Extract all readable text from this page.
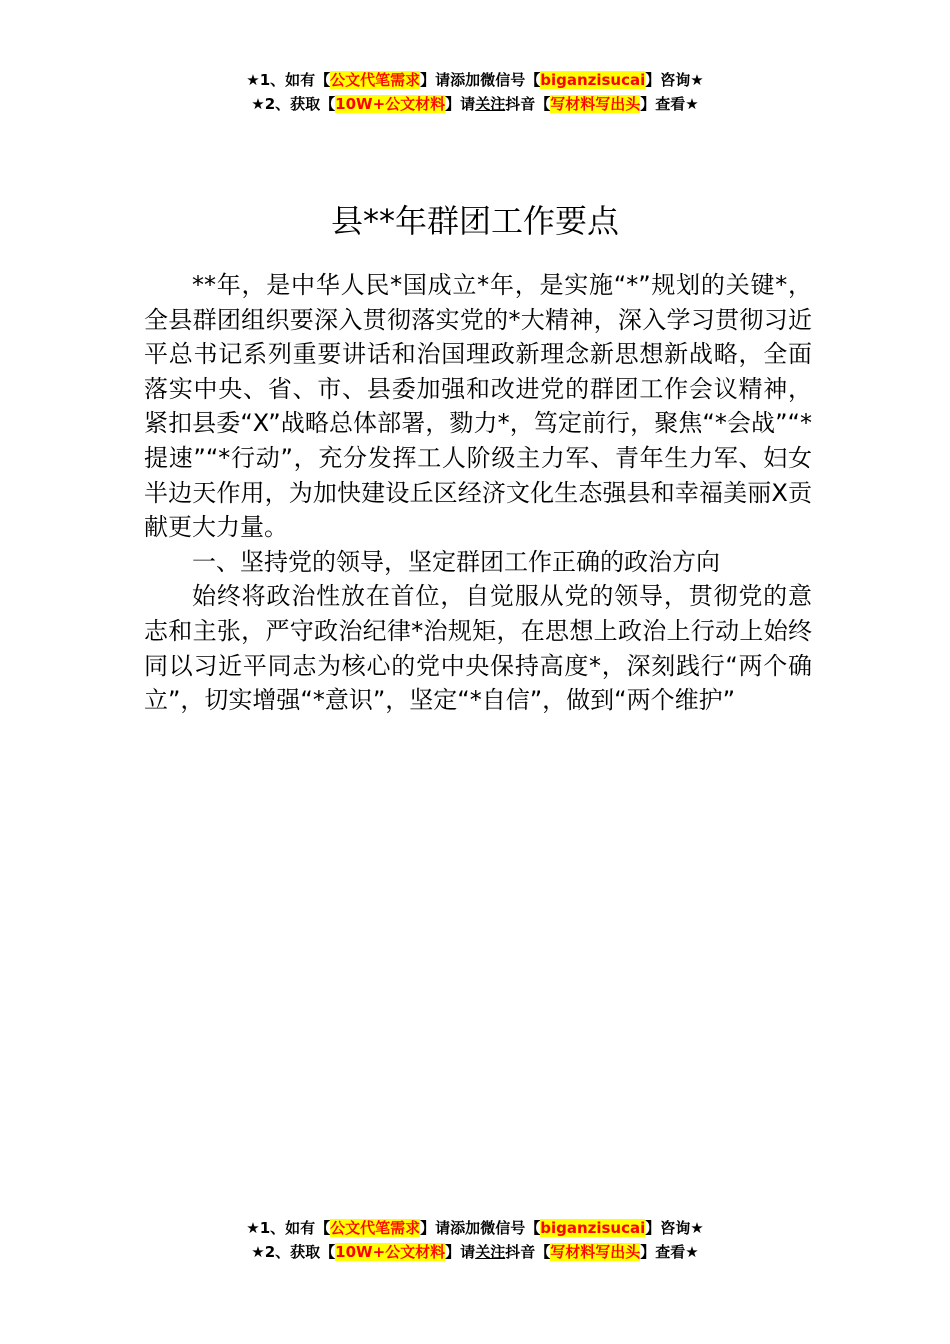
★1、如有【公文代笔需求】请添加微信号【biganzisucai】咨询★
★2、获取【10W+公文材料】请关注抖音【写材料写出头】查看★
县**年群团工作要点

**年，是中华人民*国成立*年，是实施“*”规划的关键*，全县群团组织要深入贯彻落实党的*大精神，深入学习贯彻习近平总书记系列重要讲话和治国理政新理念新思想新战略，全面落实中央、省、市、县委加强和改进党的群团工作会议精神，紧扣县委“X”战略总体部署，勠力*，笃定前行，聚焦“*会战”“*提速”“*行动”，充分发挥工人阶级主力军、青年生力军、妇女半边天作用，为加快建设丘区经济文化生态强县和幸福美丽X贡献更大力量。

一、坚持党的领导，坚定群团工作正确的政治方向

始终将政治性放在首位，自觉服从党的领导，贯彻党的意志和主张，严守政治纪律*治规矩，在思想上政治上行动上始终同以习近平同志为核心的党中央保持高度*，深刻践行“两个确立”，切实增强“*意识”，坚定“*自信”，做到“两个维护”

★1、如有【公文代笔需求】请添加微信号【biganzisucai】咨询★
★2、获取【10W+公文材料】请关注抖音【写材料写出头】查看★
